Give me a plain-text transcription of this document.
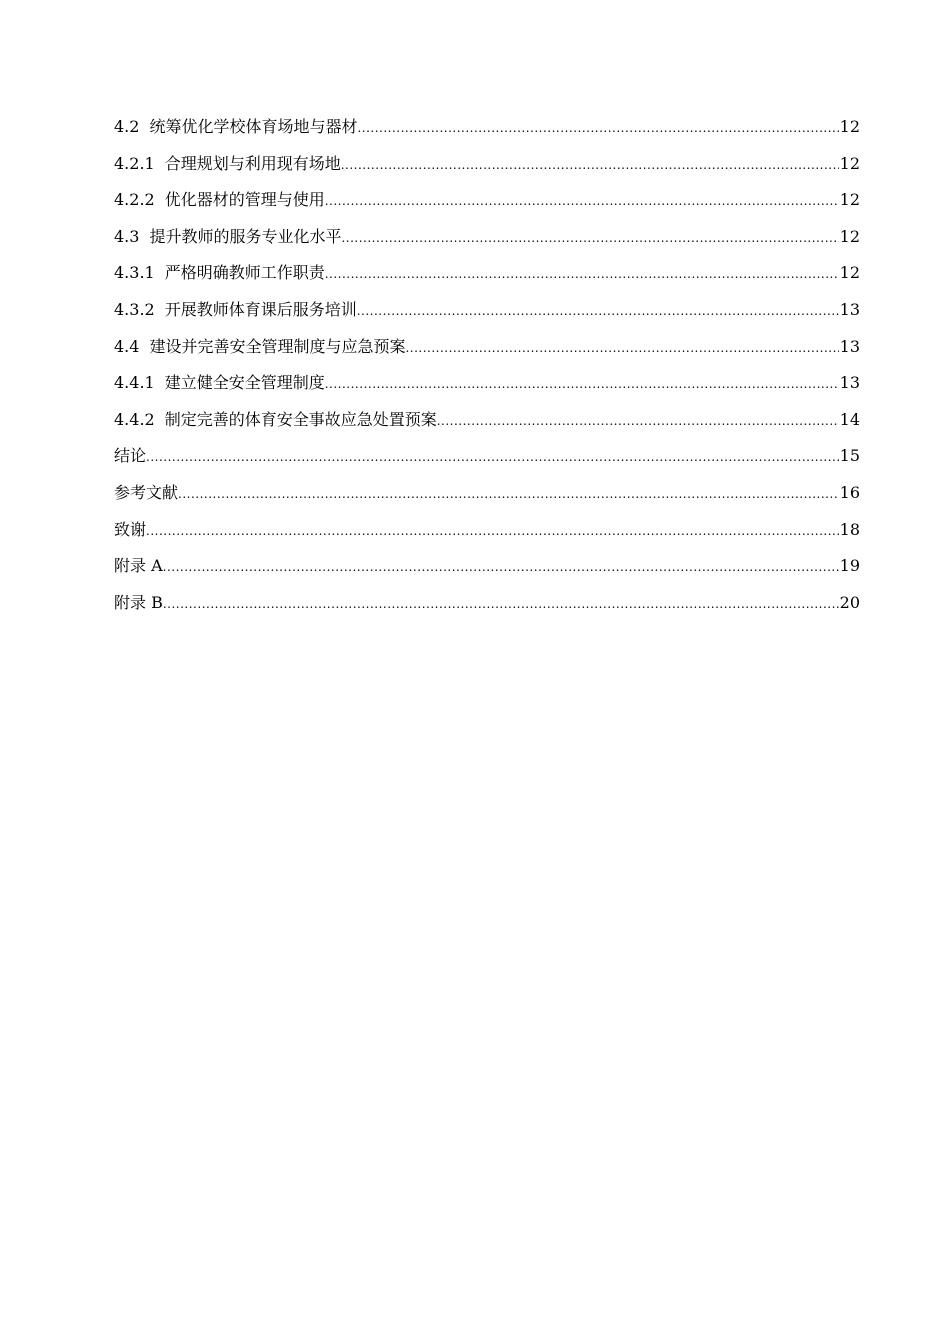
4.2 统筹优化学校体育场地与器材 .....	12
4.2.1 合理规划与利用现有场地 .....	12
4.2.2 优化器材的管理与使用 .....	12
4.3 提升教师的服务专业化水平 .....	12
4.3.1 严格明确教师工作职责 .....	12
4.3.2 开展教师体育课后服务培训 .....	13
4.4 建设并完善安全管理制度与应急预案 .....	13
4.4.1 建立健全安全管理制度 .....	13
4.4.2 制定完善的体育安全事故应急处置预案 .....	14
结论 .....	15
参考文献 .....	16
致谢 .....	18
附录 A .....	19
附录 B .....	20
